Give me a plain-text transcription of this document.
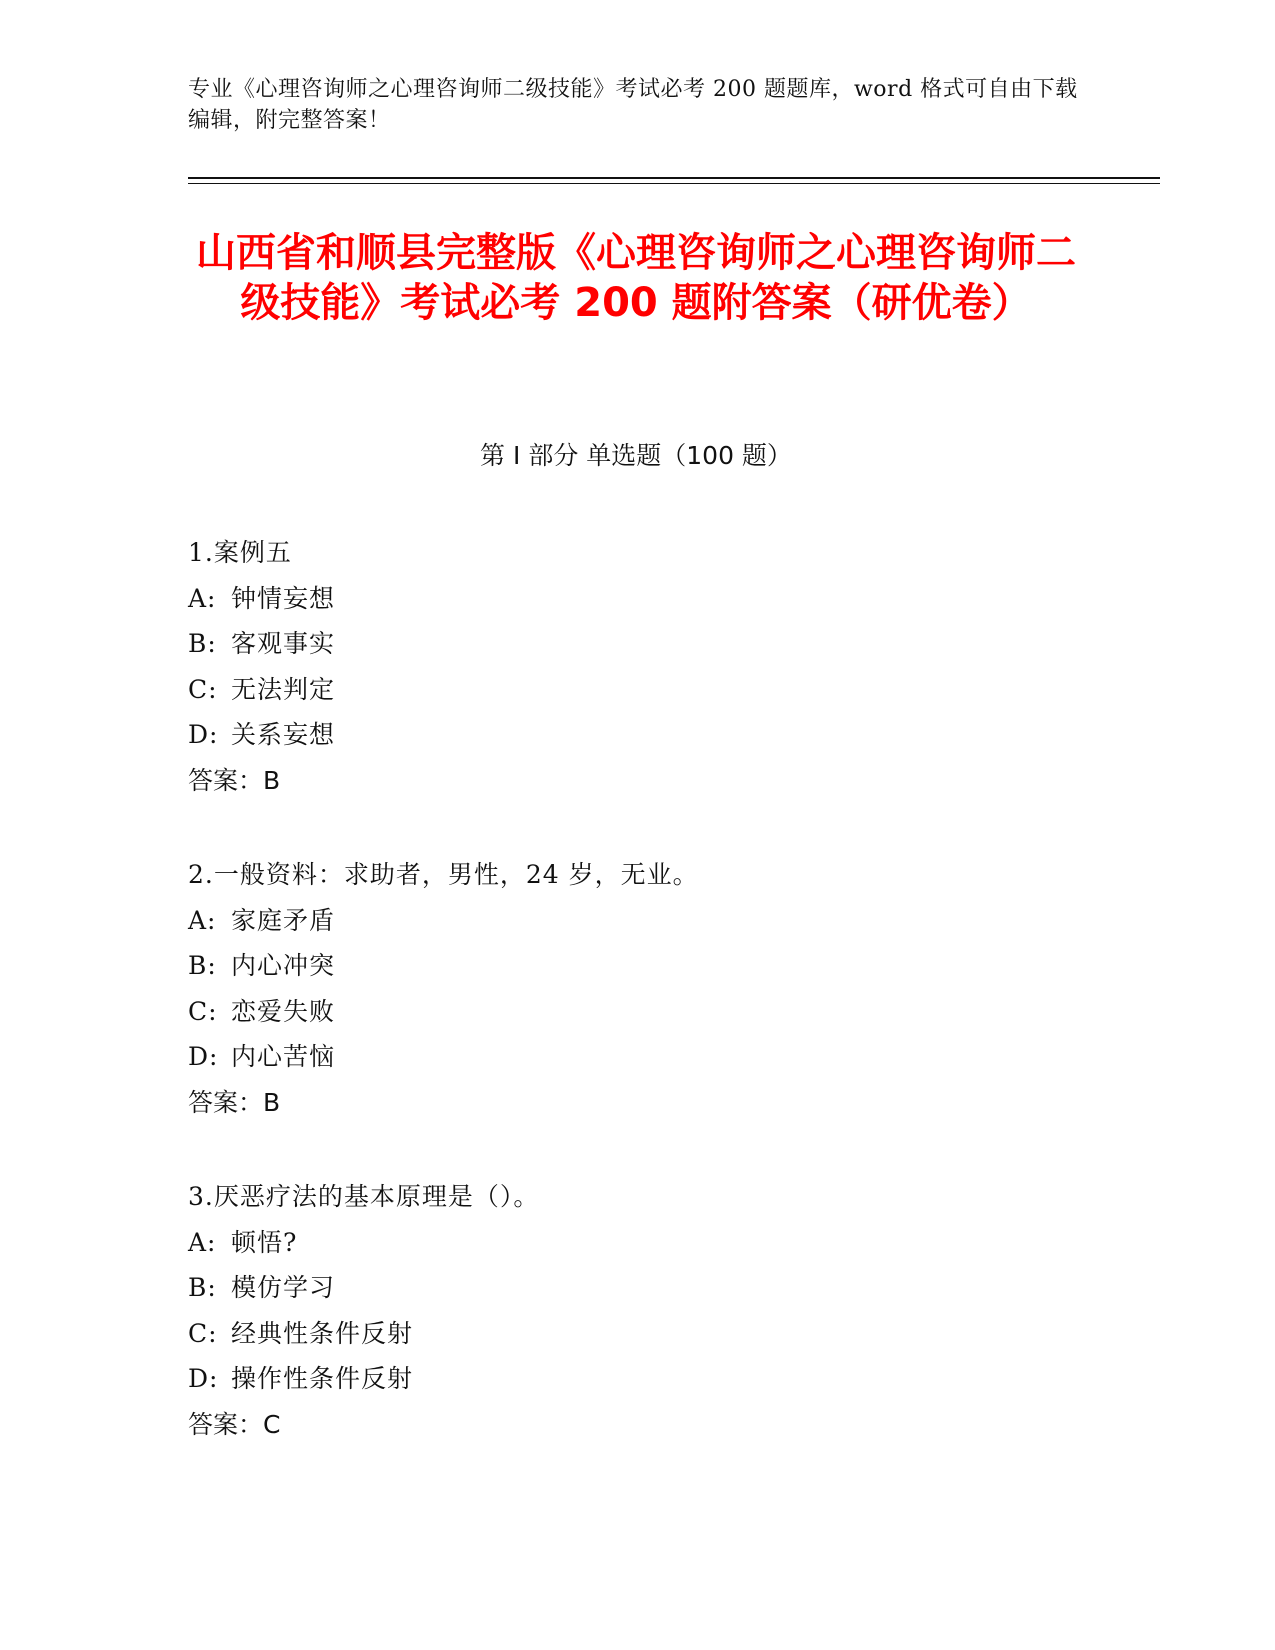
专业《心理咨询师之心理咨询师二级技能》考试必考 200 题题库，word 格式可自由下载编辑，附完整答案！
山西省和顺县完整版《心理咨询师之心理咨询师二级技能》考试必考 200 题附答案（研优卷）
第 I 部分 单选题（100 题）
1.案例五
A: 钟情妄想
B: 客观事实
C: 无法判定
D: 关系妄想
答案：B
2.一般资料：求助者，男性，24 岁，无业。
A: 家庭矛盾
B: 内心冲突
C: 恋爱失败
D: 内心苦恼
答案：B
3.厌恶疗法的基本原理是（）。
A: 顿悟?
B: 模仿学习
C: 经典性条件反射
D: 操作性条件反射
答案：C
